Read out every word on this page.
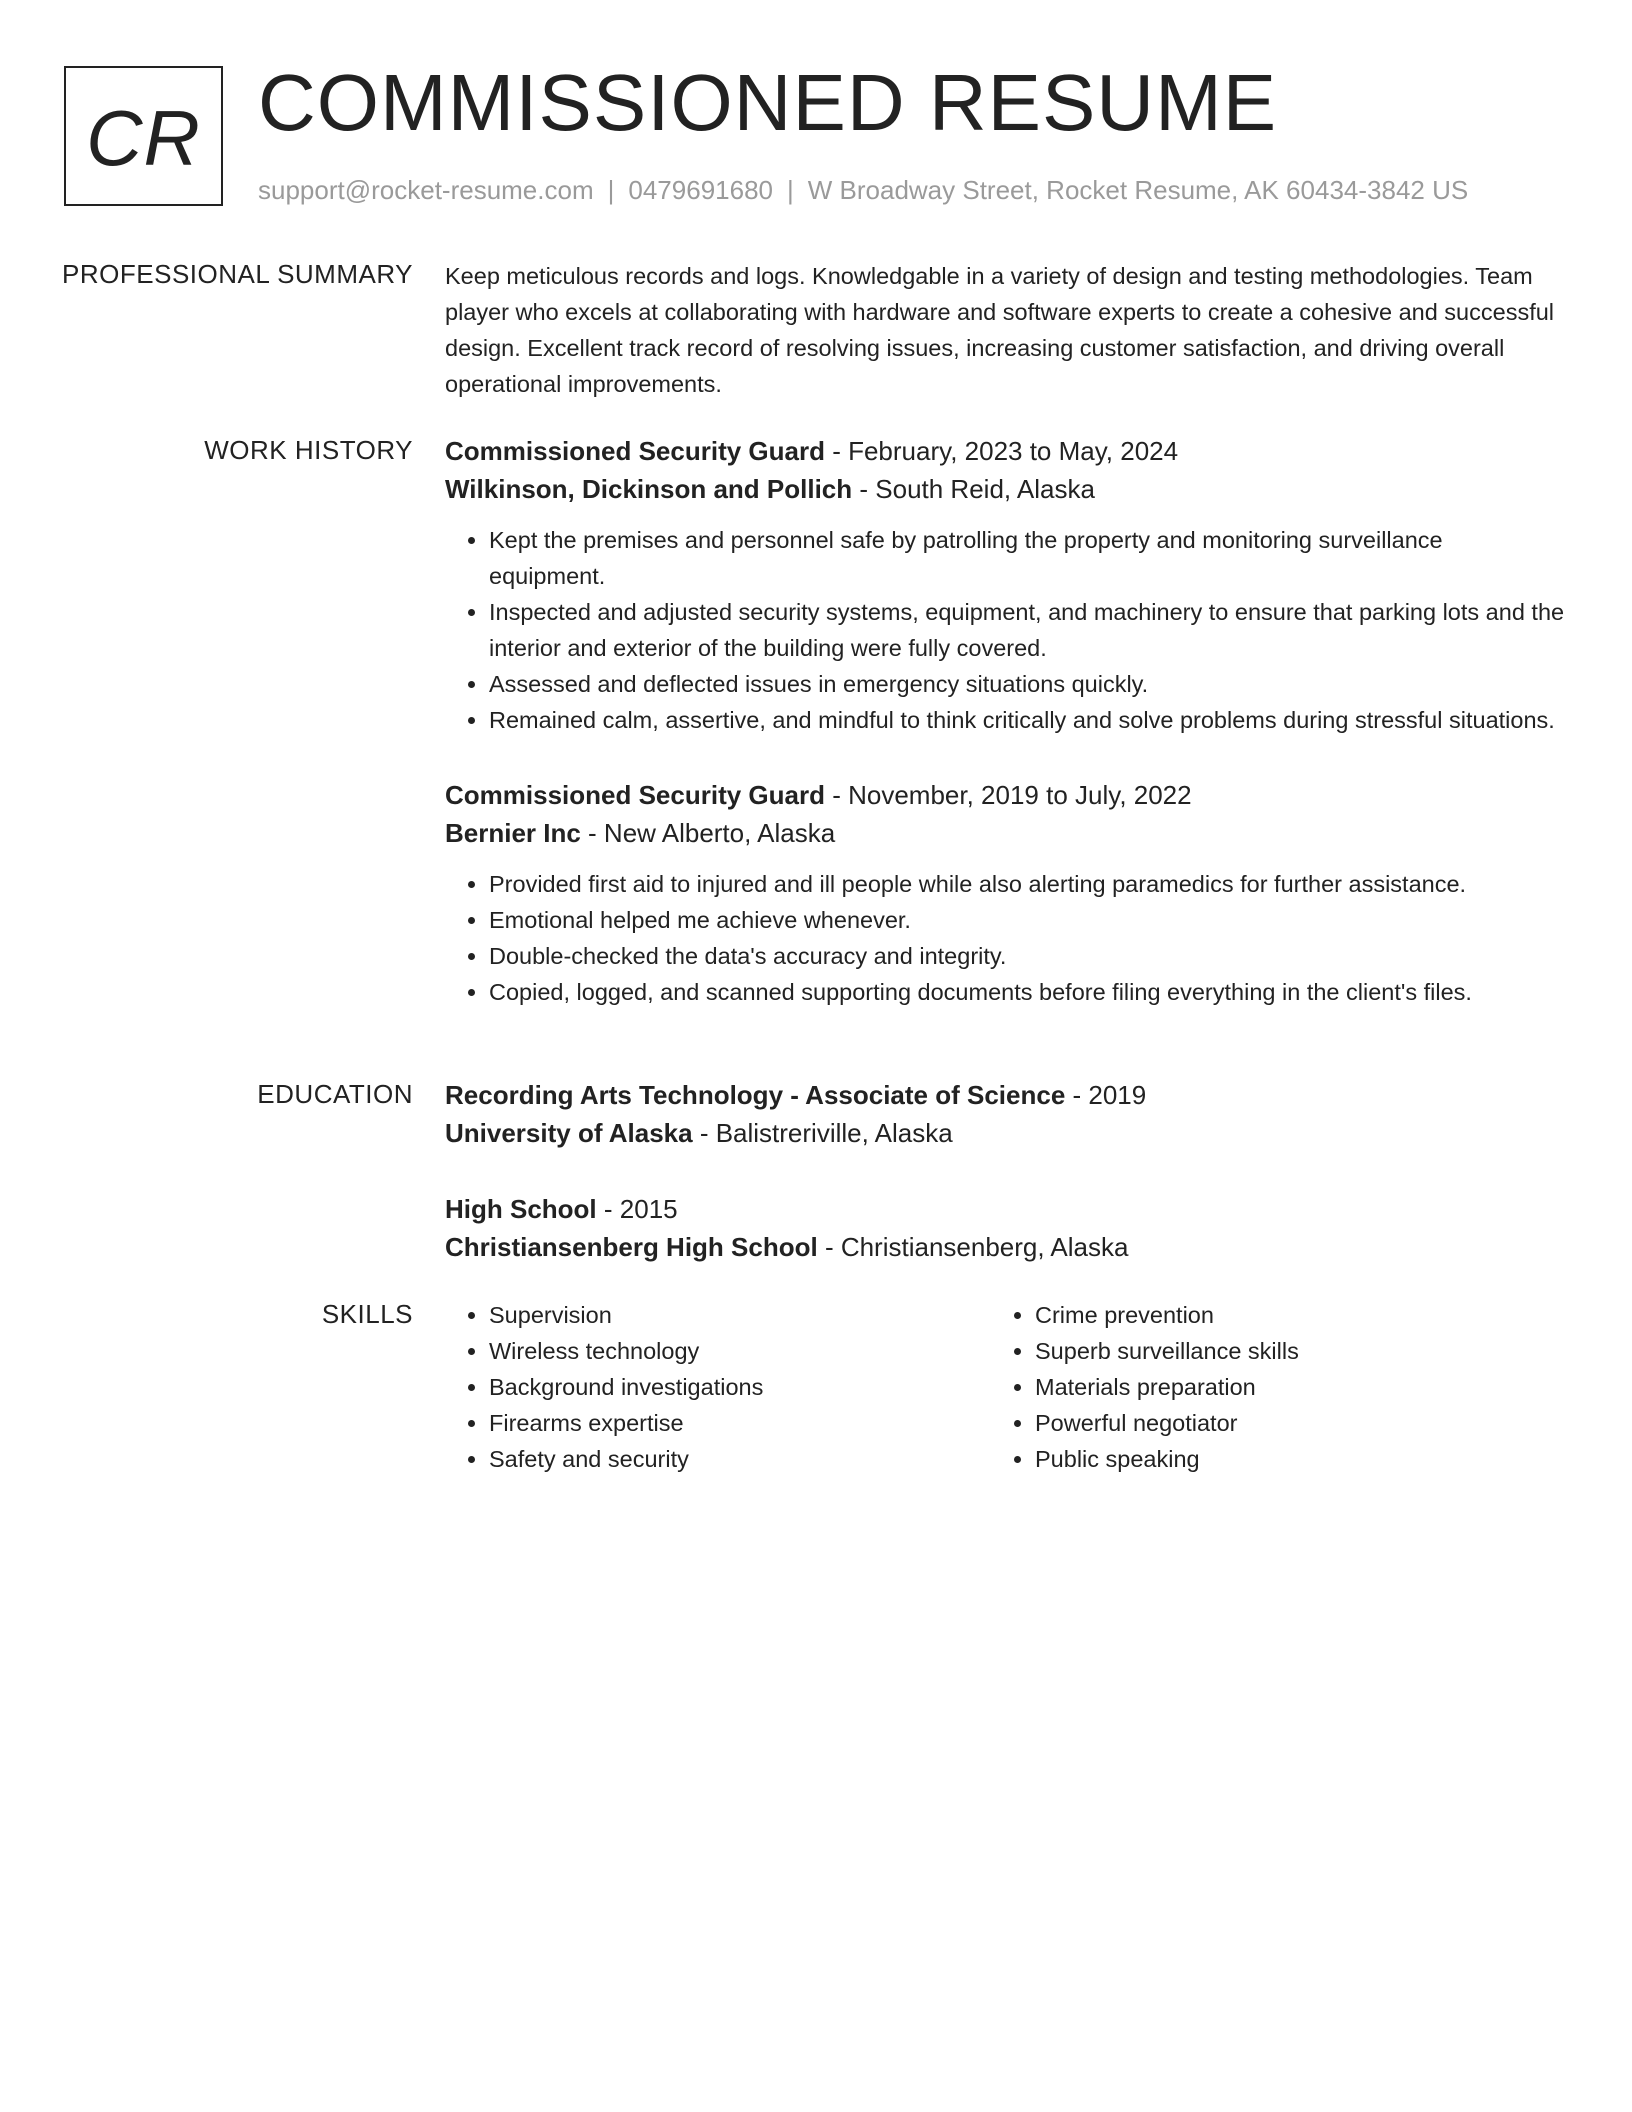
CR COMMISSIONED RESUME
support@rocket-resume.com | 0479691680 | W Broadway Street, Rocket Resume, AK 60434-3842 US
PROFESSIONAL SUMMARY Keep meticulous records and logs. Knowledgable in a variety of design and testing methodologies. Team player who excels at collaborating with hardware and software experts to create a cohesive and successful design. Excellent track record of resolving issues, increasing customer satisfaction, and driving overall operational improvements.

WORK HISTORY Commissioned Security Guard - February, 2023 to May, 2024
Wilkinson, Dickinson and Pollich - South Reid, Alaska
• Kept the premises and personnel safe by patrolling the property and monitoring surveillance equipment.
• Inspected and adjusted security systems, equipment, and machinery to ensure that parking lots and the interior and exterior of the building were fully covered.
• Assessed and deflected issues in emergency situations quickly.
• Remained calm, assertive, and mindful to think critically and solve problems during stressful situations.
Commissioned Security Guard - November, 2019 to July, 2022
Bernier Inc - New Alberto, Alaska
• Provided first aid to injured and ill people while also alerting paramedics for further assistance.
• Emotional helped me achieve whenever.
• Double-checked the data's accuracy and integrity.
• Copied, logged, and scanned supporting documents before filing everything in the client's files.
EDUCATION Recording Arts Technology - Associate of Science - 2019
University of Alaska - Balistreriville, Alaska
High School - 2015
Christiansenberg High School - Christiansenberg, Alaska
SKILLS
•	Supervision
• Wireless technology
• Background investigations
• Firearms expertise
• Safety and security
• Crime prevention
• Superb surveillance skills
• Materials preparation
• Powerful negotiator
• Public speaking
